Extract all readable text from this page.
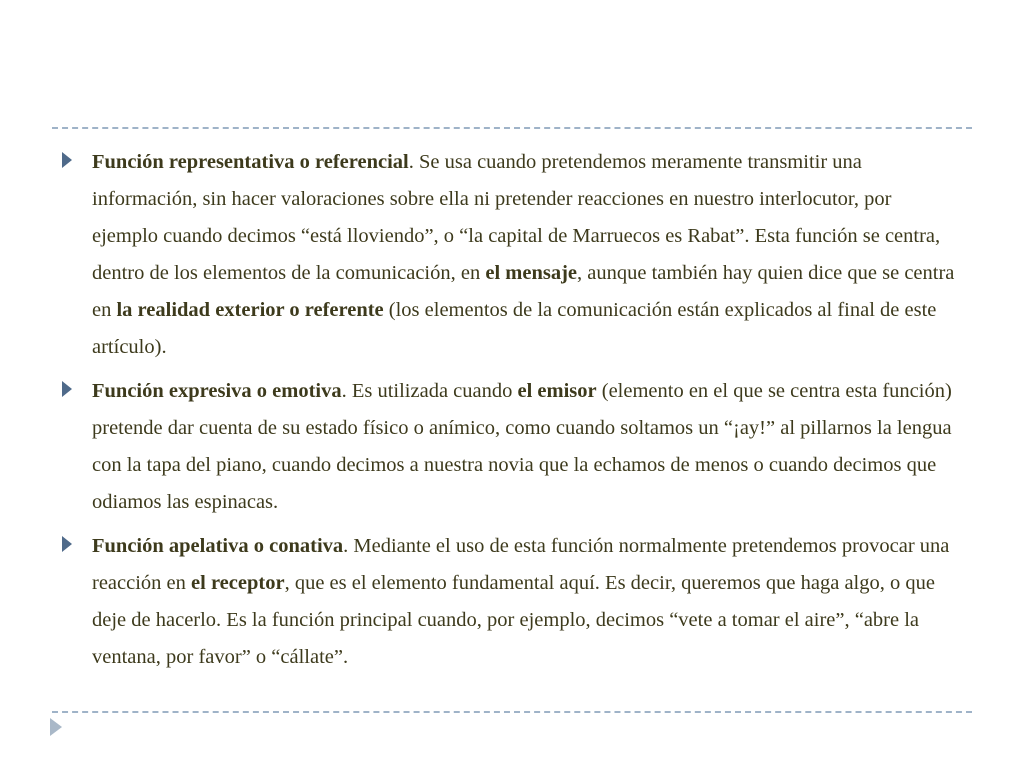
Función representativa o referencial. Se usa cuando pretendemos meramente transmitir una información, sin hacer valoraciones sobre ella ni pretender reacciones en nuestro interlocutor, por ejemplo cuando decimos “está lloviendo”, o “la capital de Marruecos es Rabat”. Esta función se centra, dentro de los elementos de la comunicación, en el mensaje, aunque también hay quien dice que se centra en la realidad exterior o referente (los elementos de la comunicación están explicados al final de este artículo).
Función expresiva o emotiva. Es utilizada cuando el emisor (elemento en el que se centra esta función) pretende dar cuenta de su estado físico o anímico, como cuando soltamos un “¡ay!” al pillarnos la lengua con la tapa del piano, cuando decimos a nuestra novia que la echamos de menos o cuando decimos que odiamos las espinacas.
Función apelativa o conativa. Mediante el uso de esta función normalmente pretendemos provocar una reacción en el receptor, que es el elemento fundamental aquí. Es decir, queremos que haga algo, o que deje de hacerlo. Es la función principal cuando, por ejemplo, decimos “vete a tomar el aire”, “abre la ventana, por favor” o “cállate”.
